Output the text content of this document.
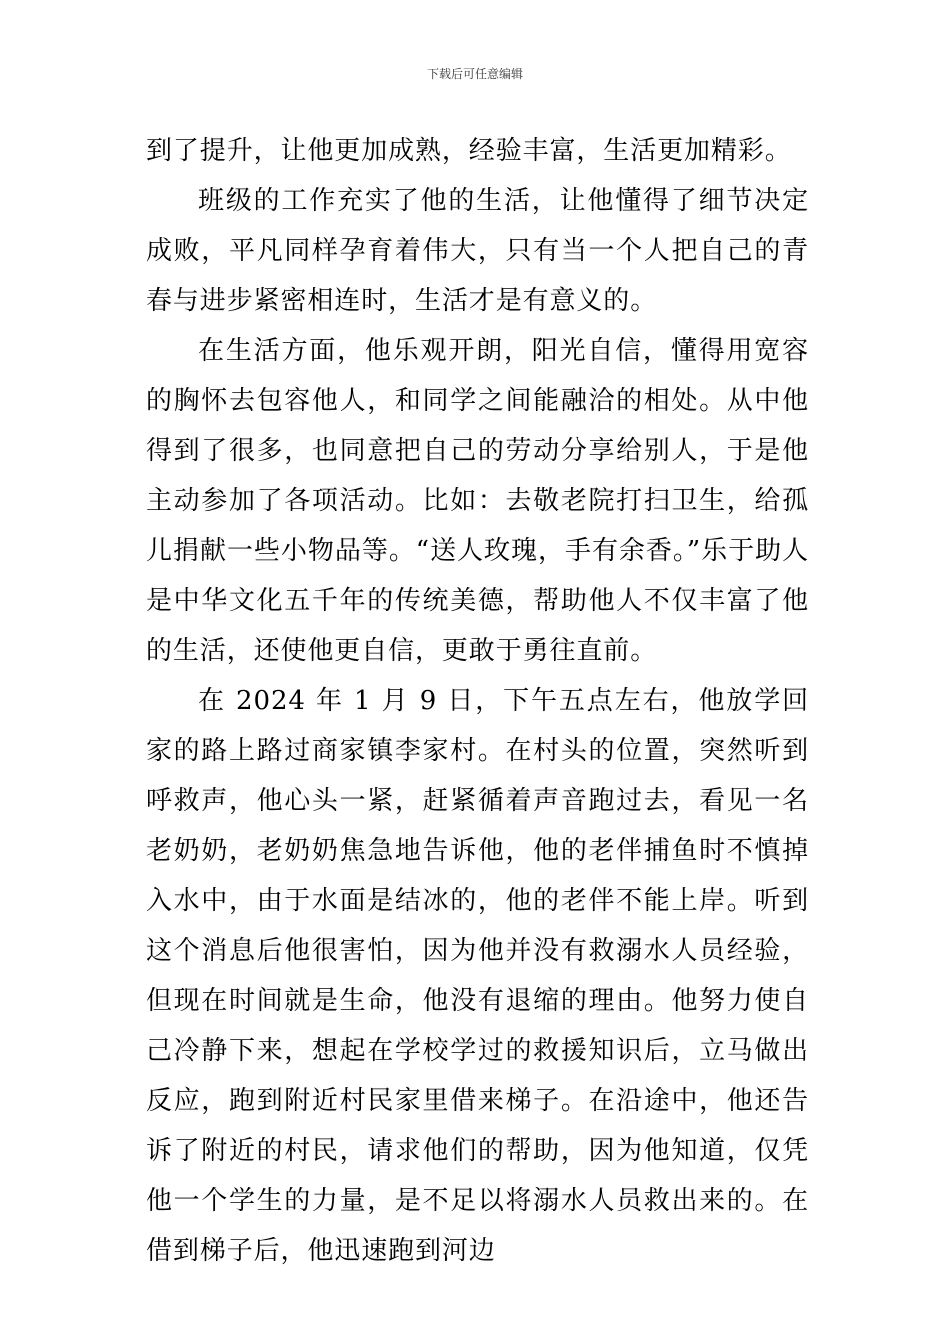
下载后可任意编辑

到了提升，让他更加成熟，经验丰富，生活更加精彩。

班级的工作充实了他的生活，让他懂得了细节决定成败，平凡同样孕育着伟大，只有当一个人把自己的青春与进步紧密相连时，生活才是有意义的。

在生活方面，他乐观开朗，阳光自信，懂得用宽容的胸怀去包容他人，和同学之间能融洽的相处。从中他得到了很多，也同意把自己的劳动分享给别人，于是他主动参加了各项活动。比如：去敬老院打扫卫生，给孤儿捐献一些小物品等。“送人玫瑰，手有余香。”乐于助人是中华文化五千年的传统美德，帮助他人不仅丰富了他的生活，还使他更自信，更敢于勇往直前。

在 2024 年 1 月 9 日，下午五点左右，他放学回家的路上路过商家镇李家村。在村头的位置，突然听到呼救声，他心头一紧，赶紧循着声音跑过去，看见一名老奶奶，老奶奶焦急地告诉他，他的老伴捕鱼时不慎掉入水中，由于水面是结冰的，他的老伴不能上岸。听到这个消息后他很害怕，因为他并没有救溺水人员经验，但现在时间就是生命，他没有退缩的理由。他努力使自己冷静下来，想起在学校学过的救援知识后，立马做出反应，跑到附近村民家里借来梯子。在沿途中，他还告诉了附近的村民，请求他们的帮助，因为他知道，仅凭他一个学生的力量，是不足以将溺水人员救出来的。在借到梯子后，他迅速跑到河边
